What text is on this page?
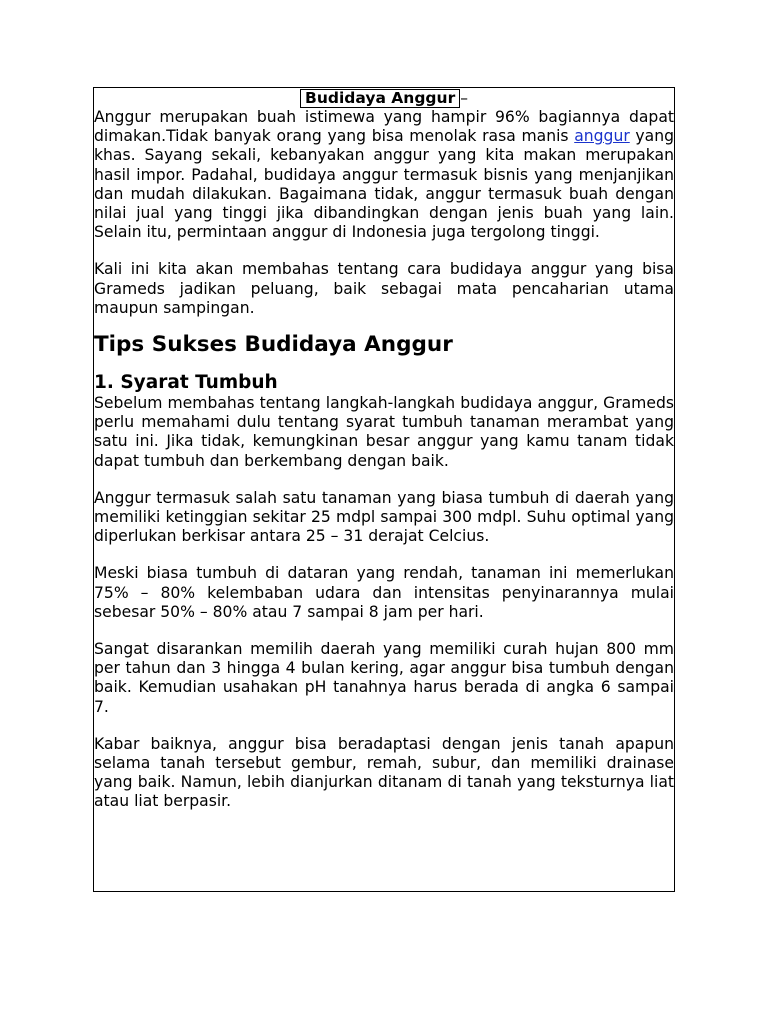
Budidaya Anggur –

Anggur merupakan buah istimewa yang hampir 96% bagiannya dapat dimakan.Tidak banyak orang yang bisa menolak rasa manis anggur yang khas. Sayang sekali, kebanyakan anggur yang kita makan merupakan hasil impor. Padahal, budidaya anggur termasuk bisnis yang menjanjikan dan mudah dilakukan. Bagaimana tidak, anggur termasuk buah dengan nilai jual yang tinggi jika dibandingkan dengan jenis buah yang lain. Selain itu, permintaan anggur di Indonesia juga tergolong tinggi.

Kali ini kita akan membahas tentang cara budidaya anggur yang bisa Grameds jadikan peluang, baik sebagai mata pencaharian utama maupun sampingan.

Tips Sukses Budidaya Anggur
1. Syarat Tumbuh

Sebelum membahas tentang langkah-langkah budidaya anggur, Grameds perlu memahami dulu tentang syarat tumbuh tanaman merambat yang satu ini. Jika tidak, kemungkinan besar anggur yang kamu tanam tidak dapat tumbuh dan berkembang dengan baik.

Anggur termasuk salah satu tanaman yang biasa tumbuh di daerah yang memiliki ketinggian sekitar 25 mdpl sampai 300 mdpl. Suhu optimal yang diperlukan berkisar antara 25 – 31 derajat Celcius.

Meski biasa tumbuh di dataran yang rendah, tanaman ini memerlukan 75% – 80% kelembaban udara dan intensitas penyinarannya mulai sebesar 50% – 80% atau 7 sampai 8 jam per hari.

Sangat disarankan memilih daerah yang memiliki curah hujan 800 mm per tahun dan 3 hingga 4 bulan kering, agar anggur bisa tumbuh dengan baik. Kemudian usahakan pH tanahnya harus berada di angka 6 sampai 7.

Kabar baiknya, anggur bisa beradaptasi dengan jenis tanah apapun selama tanah tersebut gembur, remah, subur, dan memiliki drainase yang baik. Namun, lebih dianjurkan ditanam di tanah yang teksturnya liat atau liat berpasir.
